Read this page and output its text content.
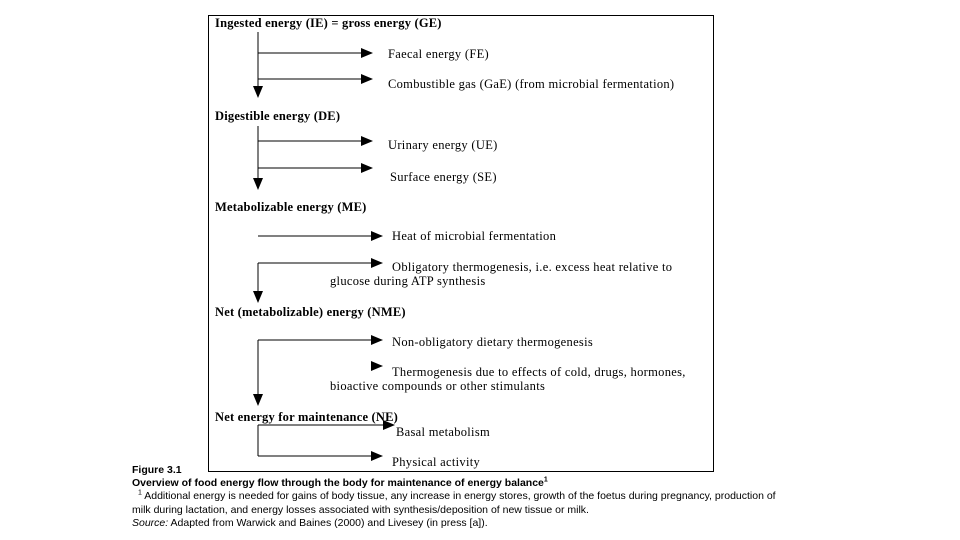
Ingested energy (IE) = gross energy (GE)
Digestible energy (DE)
Metabolizable energy (ME)
Net (metabolizable) energy (NME)
Net energy for maintenance (NE)
Faecal energy (FE)
Combustible gas (GaE) (from microbial fermentation)
Urinary energy (UE)
Surface energy (SE)
Heat of microbial fermentation
Obligatory thermogenesis, i.e. excess heat relative to
glucose during ATP synthesis
Non-obligatory dietary thermogenesis
Thermogenesis due to effects of cold, drugs, hormones,
bioactive compounds or other stimulants
Basal metabolism
Physical activity
Figure 3.1
Overview of food energy flow through the body for maintenance of energy balance$^1$
$^1$ Additional energy is needed for gains of body tissue, any increase in energy stores, growth of the foetus during pregnancy, production of
milk during lactation, and energy losses associated with synthesis/deposition of new tissue or milk.
Source: Adapted from Warwick and Baines (2000) and Livesey (in press [a]).
